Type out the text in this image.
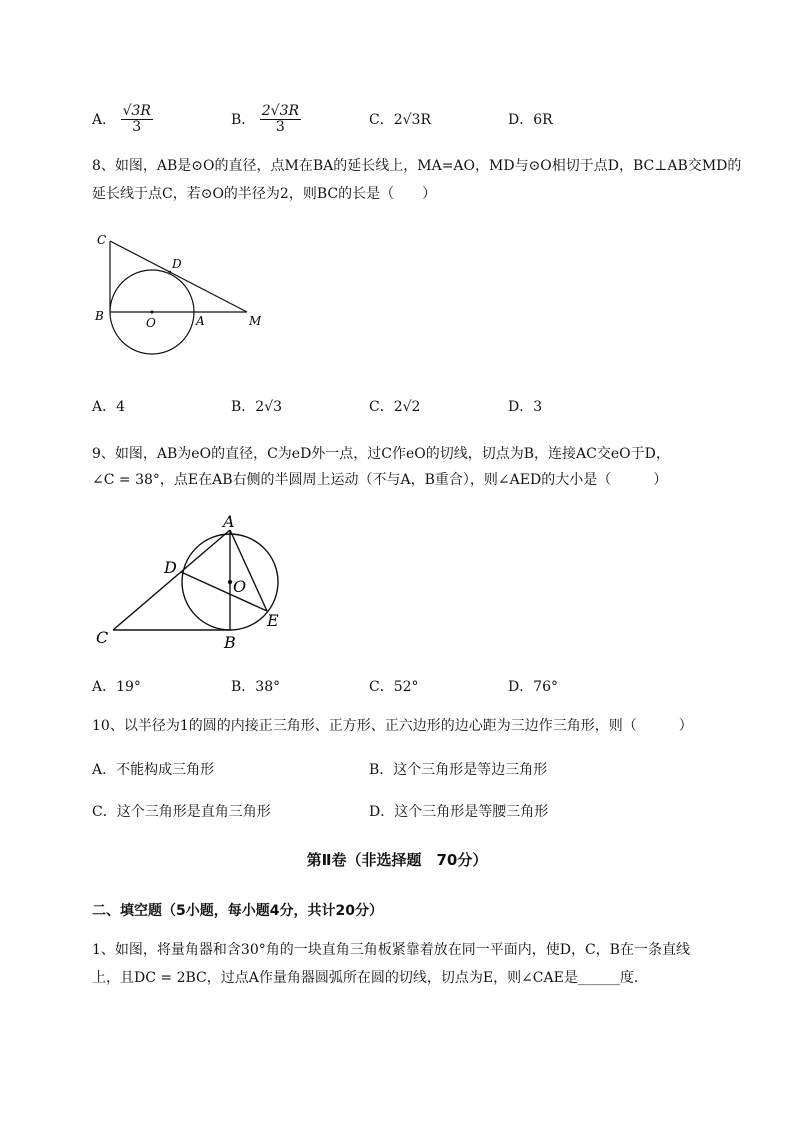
A． $\frac{√3R}{3}$	B． $\frac{2√3R}{3}$	C．2√3R	D．6R
8、如图，AB是⊙O的直径，点M在BA的延长线上，MA=AO，MD与⊙O相切于点D，BC⊥AB交MD的
延长线于点C，若⊙O的半径为2，则BC的长是（　　）
C
D
B	O	A	M
A．4	B．2√3	C．2√2	D．3
9、如图，AB为eO的直径，C为eD外一点，过C作eO的切线，切点为B，连接AC交eO于D，
∠C = 38°，点E在AB右侧的半圆周上运动（不与A，B重合），则∠AED的大小是（　　　）
A
D
O
E
C	B
A．19°	B．38°	C．52°	D．76°
10、以半径为1的圆的内接正三角形、正方形、正六边形的边心距为三边作三角形，则（　　　）
A．不能构成三角形	B．这个三角形是等边三角形
C．这个三角形是直角三角形	D．这个三角形是等腰三角形
第Ⅱ卷（非选择题　70分）
二、填空题（5小题，每小题4分，共计20分）
1、如图，将量角器和含30°角的一块直角三角板紧靠着放在同一平面内，使D，C，B在一条直线
上，且DC = 2BC，过点A作量角器圆弧所在圆的切线，切点为E，则∠CAE是______度．
